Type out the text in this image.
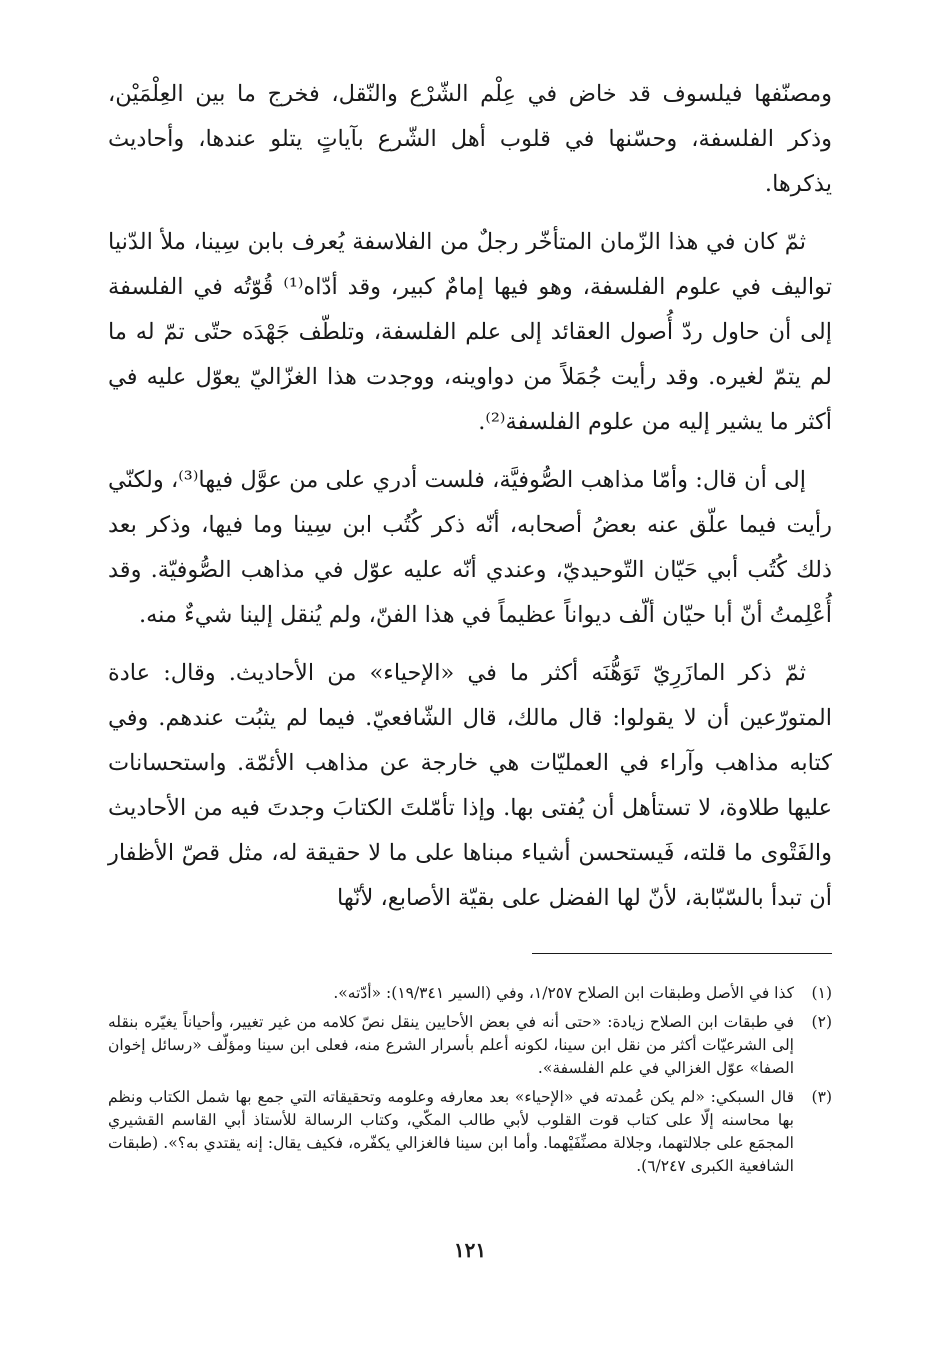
ومصنّفها فيلسوف قد خاض في عِلْم الشّرْع والنّقل، فخرج ما بين العِلْمَيْن، وذكر الفلسفة، وحسّنها في قلوب أهل الشّرع بآياتٍ يتلو عندها، وأحاديث يذكرها.

ثمّ كان في هذا الزّمان المتأخّر رجلٌ من الفلاسفة يُعرف بابن سِينا، ملأ الدّنيا تواليف في علوم الفلسفة، وهو فيها إمامٌ كبير، وقد أدّاه⁽¹⁾ قُوّتُه في الفلسفة إلى أن حاول ردّ أُصول العقائد إلى علم الفلسفة، وتلطّف جَهْدَه حتّى تمّ له ما لم يتمّ لغيره. وقد رأيت جُمَلاً من دواوينه، ووجدت هذا الغزّاليّ يعوّل عليه في أكثر ما يشير إليه من علوم الفلسفة⁽²⁾.

إلى أن قال: وأمّا مذاهب الصُّوفيَّة، فلست أدري على من عوَّل فيها⁽³⁾، ولكنّي رأيت فيما علّق عنه بعضُ أصحابه، أنّه ذكر كُتُب ابن سِينا وما فيها، وذكر بعد ذلك كُتُب أبي حَيّان التّوحيديّ، وعندي أنّه عليه عوّل في مذاهب الصُّوفيّة. وقد أُعْلِمتُ أنّ أبا حيّان ألّف ديواناً عظيماً في هذا الفنّ، ولم يُنقل إلينا شيءٌ منه.

ثمّ ذكر المازَرِيّ تَوَهُّنَه أكثر ما في «الإحياء» من الأحاديث. وقال: عادة المتورّعين أن لا يقولوا: قال مالك، قال الشّافعيّ. فيما لم يثبُت عندهم. وفي كتابه مذاهب وآراء في العمليّات هي خارجة عن مذاهب الأئمّة. واستحسانات عليها طلاوة، لا تستأهل أن يُفتى بها. وإذا تأمّلتَ الكتابَ وجدتَ فيه من الأحاديث والفَتْوى ما قلته، فَيستحسن أشياء مبناها على ما لا حقيقة له، مثل قصّ الأظفار أن تبدأ بالسّبّابة، لأنّ لها الفضل على بقيّة الأصابع، لأنّها

(١)
كذا في الأصل وطبقات ابن الصلاح ١/٢٥٧، وفي (السير ١٩/٣٤١): «أدّته».
(٢)
في طبقات ابن الصلاح زيادة: «حتى أنه في بعض الأحايين ينقل نصّ كلامه من غير تغيير، وأحياناً يغيّره بنقله إلى الشرعيّات أكثر من نقل ابن سينا، لكونه أعلم بأسرار الشرع منه، فعلى ابن سينا ومؤلّف «رسائل إخوان الصفا» عوّل الغزالي في علم الفلسفة».
(٣)
قال السبكي: «لم يكن عُمدته في «الإحياء» بعد معارفه وعلومه وتحقيقاته التي جمع بها شمل الكتاب ونظم بها محاسنه إلّا على كتاب قوت القلوب لأبي طالب المكّي، وكتاب الرسالة للأستاذ أبي القاسم القشيري المجمَع على جلالتهما، وجلالة مصنِّفَيْهما. وأما ابن سينا فالغزالي يكفّره، فكيف يقال: إنه يقتدي به؟». (طبقات الشافعية الكبرى ٦/٢٤٧).
١٢١
